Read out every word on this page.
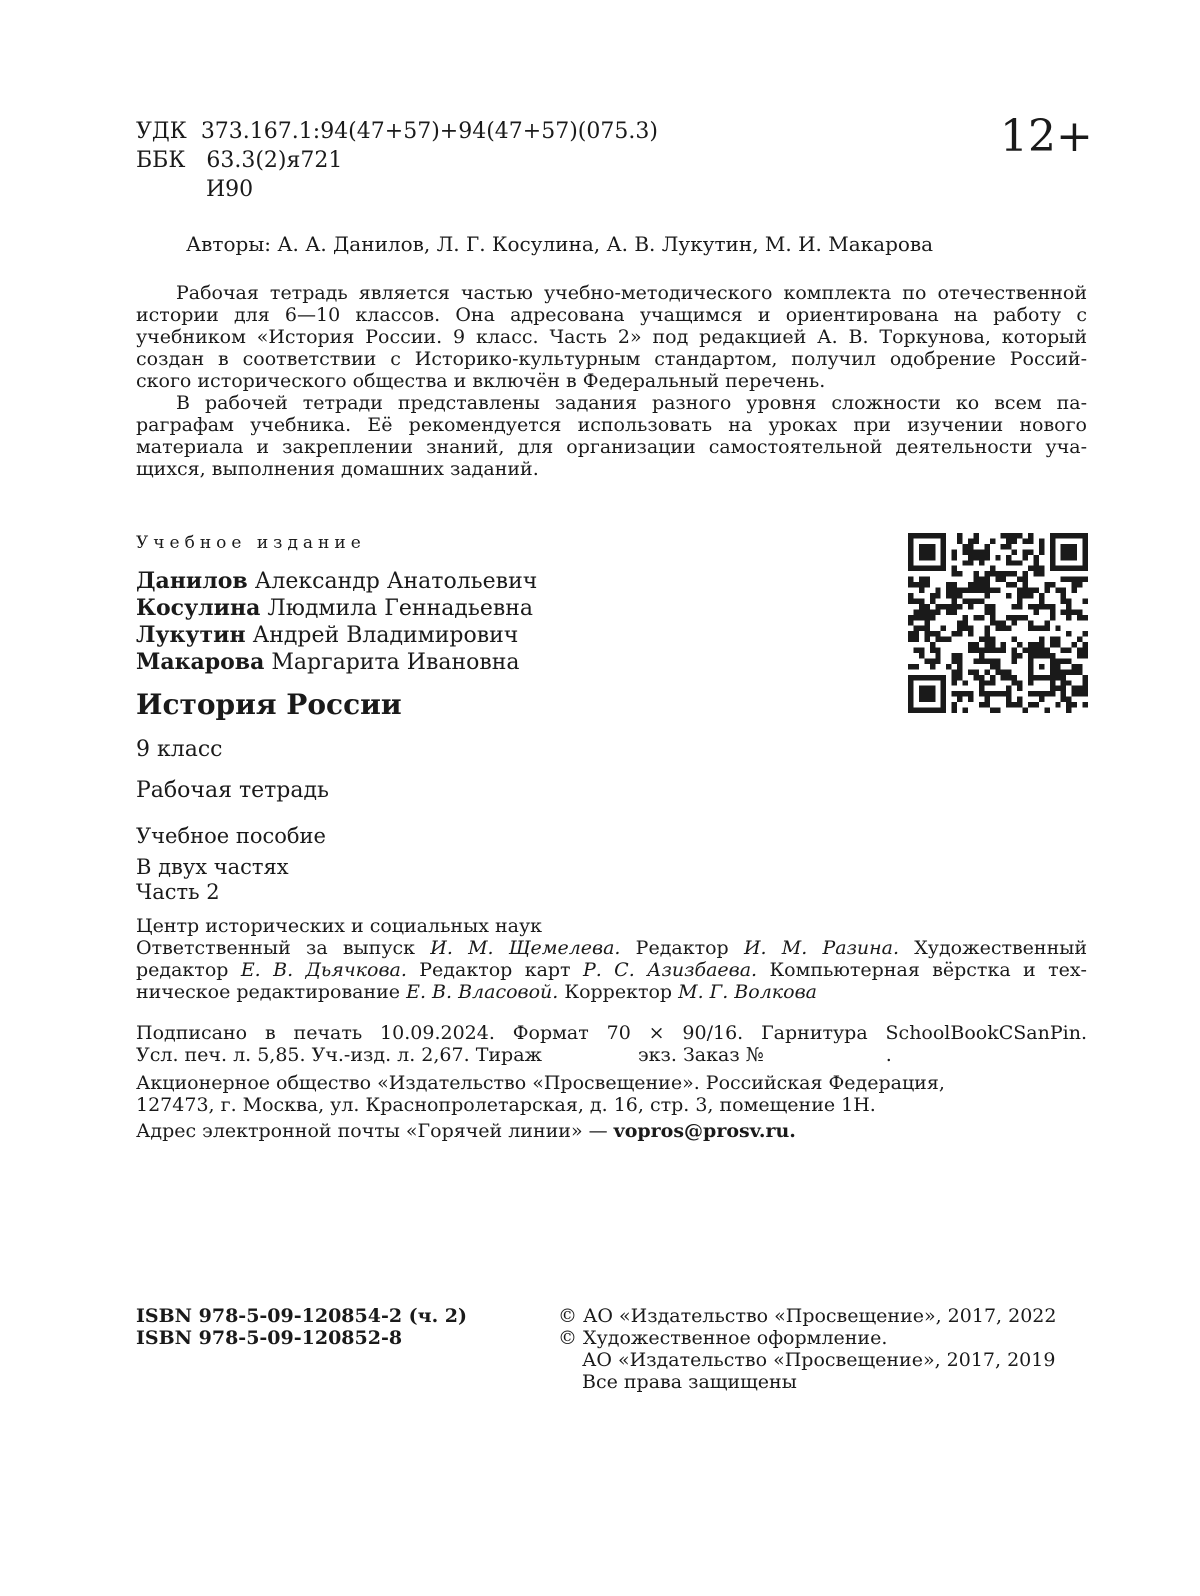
УДК 373.167.1:94(47+57)+94(47+57)(075.3)
ББК 63.3(2)я721
И90
12+
Авторы: А. А. Данилов, Л. Г. Косулина, А. В. Лукутин, М. И. Макарова
Рабочая тетрадь является частью учебно-методического комплекта по отечественной
истории для 6—10 классов. Она адресована учащимся и ориентирована на работу с
учебником «История России. 9 класс. Часть 2» под редакцией А. В. Торкунова, который
создан в соответствии с Историко-культурным стандартом, получил одобрение Россий-
ского исторического общества и включён в Федеральный перечень.
В рабочей тетради представлены задания разного уровня сложности ко всем па-
раграфам учебника. Её рекомендуется использовать на уроках при изучении нового
материала и закреплении знаний, для организации самостоятельной деятельности уча-
щихся, выполнения домашних заданий.
Учебное издание
Данилов Александр Анатольевич
Косулина Людмила Геннадьевна
Лукутин Андрей Владимирович
Макарова Маргарита Ивановна
История России
9 класс
Рабочая тетрадь
Учебное пособие
В двух частях
Часть 2
Центр исторических и социальных наук
Ответственный за выпуск И. М. Щемелева. Редактор И. М. Разина. Художественный
редактор Е. В. Дьячкова. Редактор карт Р. С. Азизбаева. Компьютерная вёрстка и тех-
ническое редактирование Е. В. Власовой. Корректор М. Г. Волкова
Подписано в печать 10.09.2024. Формат 70 × 90/16. Гарнитура SchoolBookCSanPin.
Усл. печ. л. 5,85. Уч.-изд. л. 2,67. Тираж	экз. Заказ №	.
Акционерное общество «Издательство «Просвещение». Российская Федерация,
127473, г. Москва, ул. Краснопролетарская, д. 16, стр. 3, помещение 1Н.
Адрес электронной почты «Горячей линии» — vopros@prosv.ru.
ISBN 978-5-09-120854-2 (ч. 2)
ISBN 978-5-09-120852-8
© АО «Издательство «Просвещение», 2017, 2022
© Художественное оформление.
АО «Издательство «Просвещение», 2017, 2019
Все права защищены
